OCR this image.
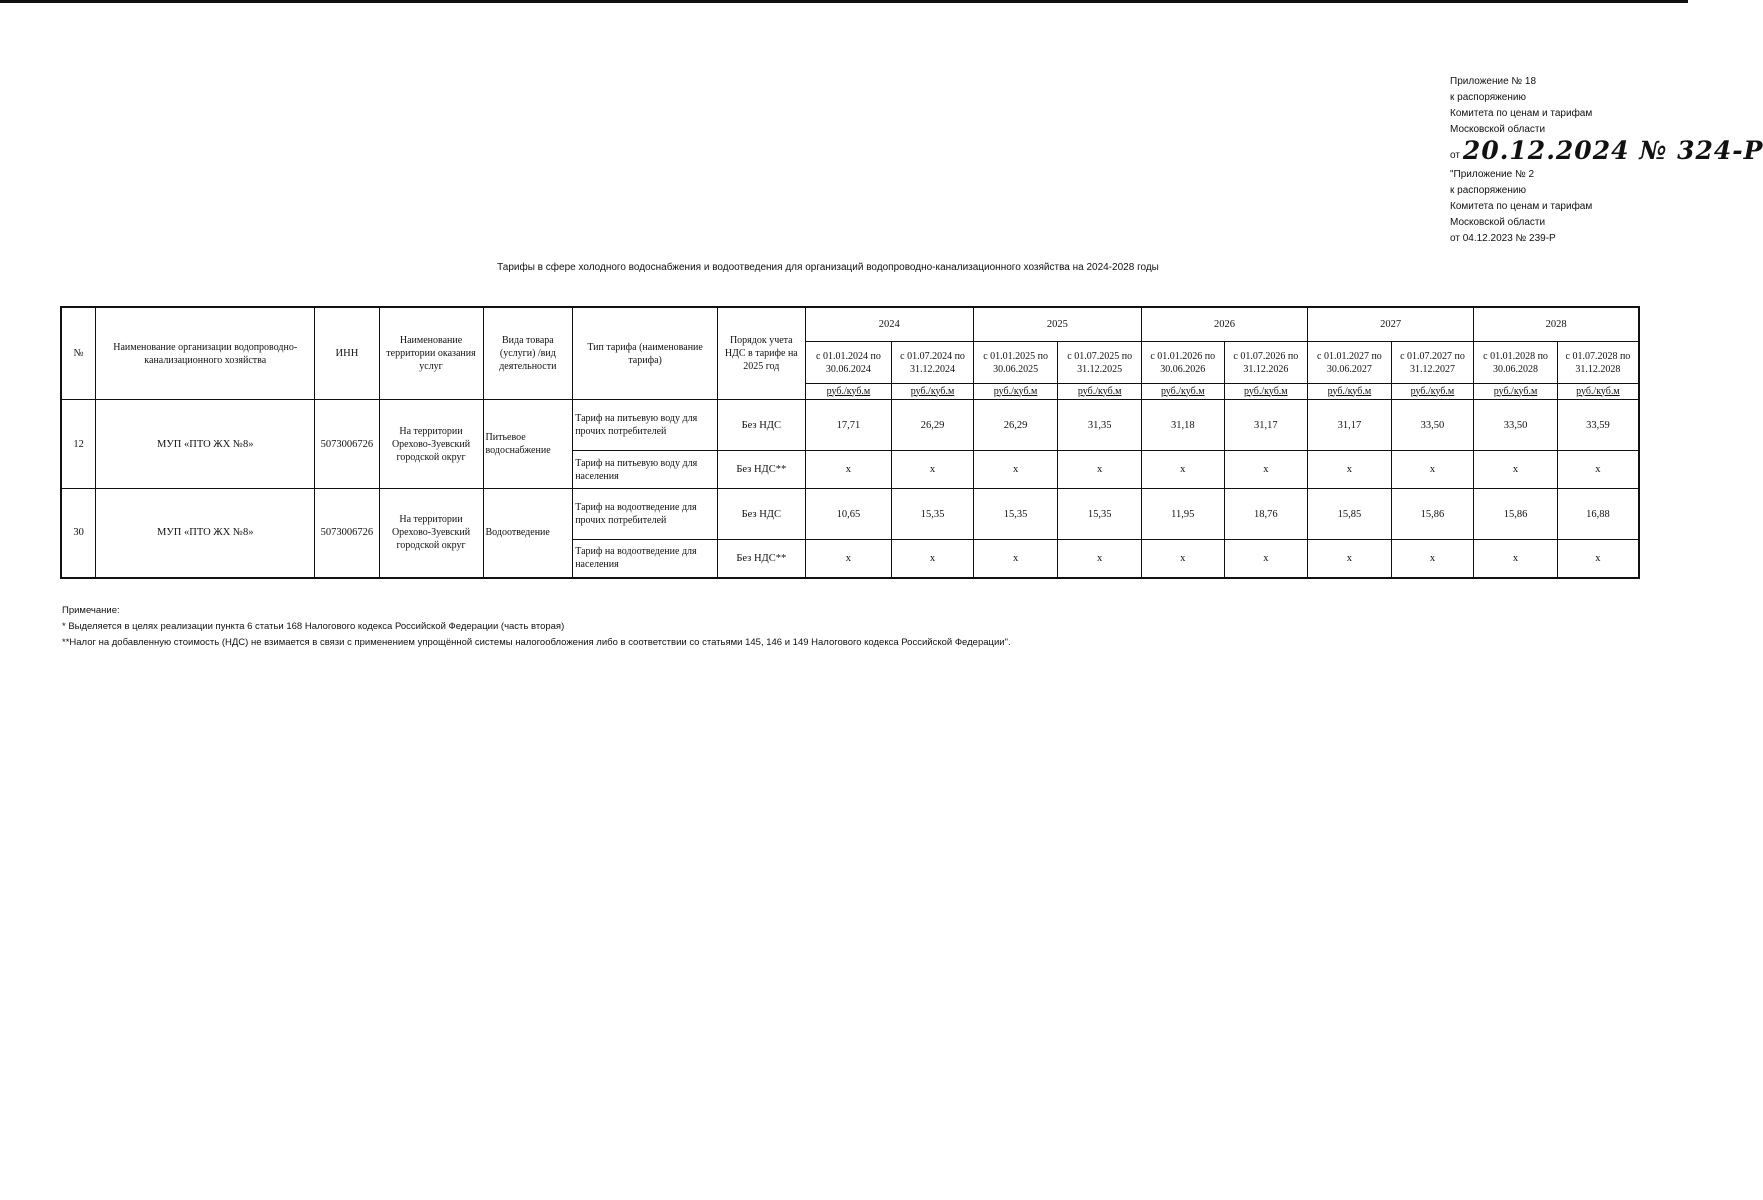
Приложение № 18
к распоряжению
Комитета по ценам и тарифам
Московской области
от 20.12.2024 № 324-Р
"Приложение № 2
к распоряжению
Комитета по ценам и тарифам
Московской области
от 04.12.2023 № 239-Р
Тарифы в сфере холодного водоснабжения и водоотведения для организаций водопроводно-канализационного хозяйства на 2024-2028 годы
№	Наименование организации водопроводно-канализационного хозяйства	ИНН	Наименование территории оказания услуг	Вида товара (услуги) /вид деятельности	Тип тарифа (наименование тарифа)	Порядок учета НДС в тарифе на 2025 год	2024		2025		2026		2027		2028	
							с 01.01.2024 по 30.06.2024	с 01.07.2024 по 31.12.2024	с 01.01.2025 по 30.06.2025	с 01.07.2025 по 31.12.2025	с 01.01.2026 по 30.06.2026	с 01.07.2026 по 31.12.2026	с 01.01.2027 по 30.06.2027	с 01.07.2027 по 31.12.2027	с 01.01.2028 по 30.06.2028	с 01.07.2028 по 31.12.2028
							руб./куб.м	руб./куб.м	руб./куб.м	руб./куб.м	руб./куб.м	руб./куб.м	руб./куб.м	руб./куб.м	руб./куб.м	руб./куб.м
12	МУП «ПТО ЖХ №8»	5073006726	На территории Орехово-Зуевский городской округ	Питьевое водоснабжение	Тариф на питьевую воду для прочих потребителей	Без НДС	17,71	26,29	26,29	31,35	31,18	31,17	31,17	33,50	33,50	33,59
					Тариф на питьевую воду для населения	Без НДС**	x	x	x	x	x	x	x	x	x	x
30	МУП «ПТО ЖХ №8»	5073006726	На территории Орехово-Зуевский городской округ	Водоотведение	Тариф на водоотведение для прочих потребителей	Без НДС	10,65	15,35	15,35	15,35	11,95	18,76	15,85	15,86	15,86	16,88
					Тариф на водоотведение для населения	Без НДС**	x	x	x	x	x	x	x	x	x	x
Примечание:
* Выделяется в целях реализации пункта 6 статьи 168 Налогового кодекса Российской Федерации (часть вторая)
**Налог на добавленную стоимость (НДС) не взимается в связи с применением упрощённой системы налогообложения либо в соответствии со статьями 145, 146 и 149 Налогового кодекса Российской Федерации".
